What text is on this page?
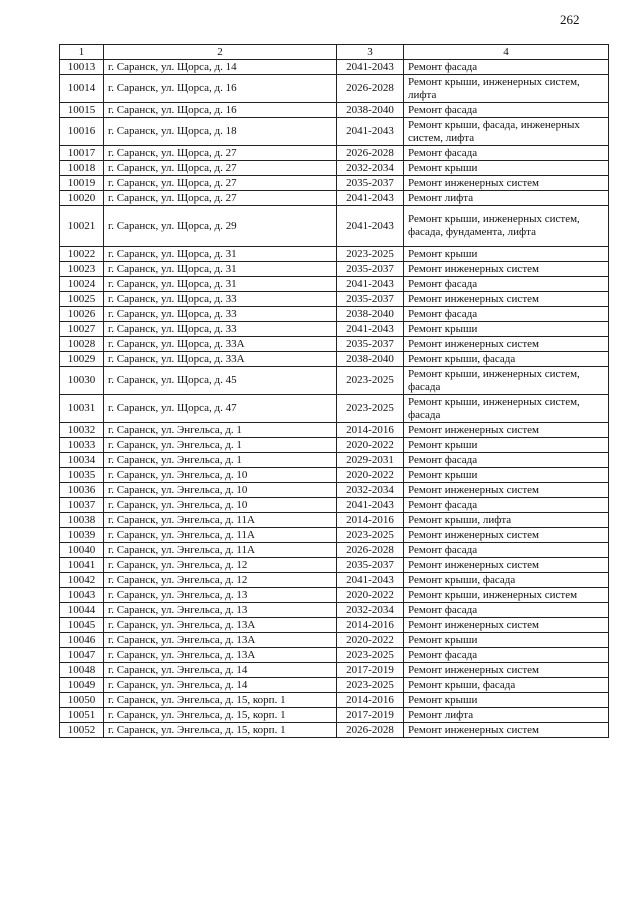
262
1	2	3	4
10013	г. Саранск, ул. Щорса, д. 14	2041-2043	Ремонт фасада
10014	г. Саранск, ул. Щорса, д. 16	2026-2028	Ремонт крыши, инженерных систем, лифта
10015	г. Саранск, ул. Щорса, д. 16	2038-2040	Ремонт фасада
10016	г. Саранск, ул. Щорса, д. 18	2041-2043	Ремонт крыши, фасада, инженерных систем, лифта
10017	г. Саранск, ул. Щорса, д. 27	2026-2028	Ремонт фасада
10018	г. Саранск, ул. Щорса, д. 27	2032-2034	Ремонт крыши
10019	г. Саранск, ул. Щорса, д. 27	2035-2037	Ремонт инженерных систем
10020	г. Саранск, ул. Щорса, д. 27	2041-2043	Ремонт лифта
10021	г. Саранск, ул. Щорса, д. 29	2041-2043	Ремонт крыши, инженерных систем, фасада, фундамента, лифта
10022	г. Саранск, ул. Щорса, д. 31	2023-2025	Ремонт крыши
10023	г. Саранск, ул. Щорса, д. 31	2035-2037	Ремонт инженерных систем
10024	г. Саранск, ул. Щорса, д. 31	2041-2043	Ремонт фасада
10025	г. Саранск, ул. Щорса, д. 33	2035-2037	Ремонт инженерных систем
10026	г. Саранск, ул. Щорса, д. 33	2038-2040	Ремонт фасада
10027	г. Саранск, ул. Щорса, д. 33	2041-2043	Ремонт крыши
10028	г. Саранск, ул. Щорса, д. 33А	2035-2037	Ремонт инженерных систем
10029	г. Саранск, ул. Щорса, д. 33А	2038-2040	Ремонт крыши, фасада
10030	г. Саранск, ул. Щорса, д. 45	2023-2025	Ремонт крыши, инженерных систем, фасада
10031	г. Саранск, ул. Щорса, д. 47	2023-2025	Ремонт крыши, инженерных систем, фасада
10032	г. Саранск, ул. Энгельса, д. 1	2014-2016	Ремонт инженерных систем
10033	г. Саранск, ул. Энгельса, д. 1	2020-2022	Ремонт крыши
10034	г. Саранск, ул. Энгельса, д. 1	2029-2031	Ремонт фасада
10035	г. Саранск, ул. Энгельса, д. 10	2020-2022	Ремонт крыши
10036	г. Саранск, ул. Энгельса, д. 10	2032-2034	Ремонт инженерных систем
10037	г. Саранск, ул. Энгельса, д. 10	2041-2043	Ремонт фасада
10038	г. Саранск, ул. Энгельса, д. 11А	2014-2016	Ремонт крыши, лифта
10039	г. Саранск, ул. Энгельса, д. 11А	2023-2025	Ремонт инженерных систем
10040	г. Саранск, ул. Энгельса, д. 11А	2026-2028	Ремонт фасада
10041	г. Саранск, ул. Энгельса, д. 12	2035-2037	Ремонт инженерных систем
10042	г. Саранск, ул. Энгельса, д. 12	2041-2043	Ремонт крыши, фасада
10043	г. Саранск, ул. Энгельса, д. 13	2020-2022	Ремонт крыши, инженерных систем
10044	г. Саранск, ул. Энгельса, д. 13	2032-2034	Ремонт фасада
10045	г. Саранск, ул. Энгельса, д. 13А	2014-2016	Ремонт инженерных систем
10046	г. Саранск, ул. Энгельса, д. 13А	2020-2022	Ремонт крыши
10047	г. Саранск, ул. Энгельса, д. 13А	2023-2025	Ремонт фасада
10048	г. Саранск, ул. Энгельса, д. 14	2017-2019	Ремонт инженерных систем
10049	г. Саранск, ул. Энгельса, д. 14	2023-2025	Ремонт крыши, фасада
10050	г. Саранск, ул. Энгельса, д. 15, корп. 1	2014-2016	Ремонт крыши
10051	г. Саранск, ул. Энгельса, д. 15, корп. 1	2017-2019	Ремонт лифта
10052	г. Саранск, ул. Энгельса, д. 15, корп. 1	2026-2028	Ремонт инженерных систем
